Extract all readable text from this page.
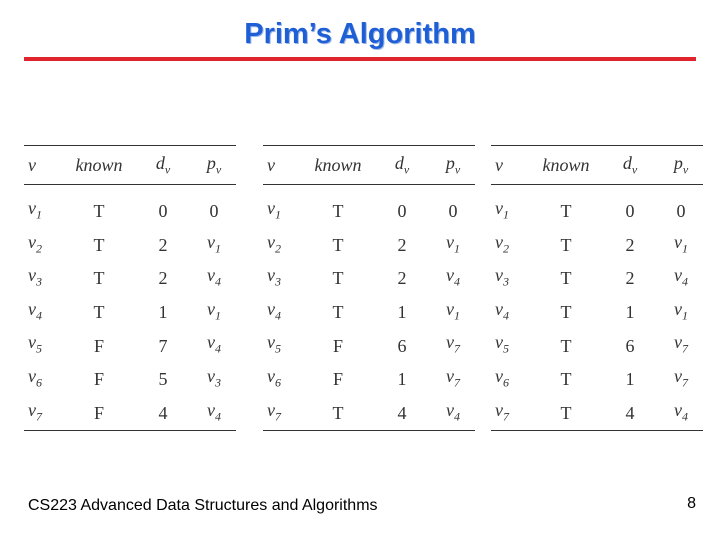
Prim’s Algorithm
v	known	$d_v$	$p_v$
$v_1$	T	0	0
$v_2$	T	2	$v_1$
$v_3$	T	2	$v_4$
$v_4$	T	1	$v_1$
$v_5$	F	7	$v_4$
$v_6$	F	5	$v_3$
$v_7$	F	4	$v_4$
v	known	$d_v$	$p_v$
$v_1$	T	0	0
$v_2$	T	2	$v_1$
$v_3$	T	2	$v_4$
$v_4$	T	1	$v_1$
$v_5$	F	6	$v_7$
$v_6$	F	1	$v_7$
$v_7$	T	4	$v_4$
v	known	$d_v$	$p_v$
$v_1$	T	0	0
$v_2$	T	2	$v_1$
$v_3$	T	2	$v_4$
$v_4$	T	1	$v_1$
$v_5$	T	6	$v_7$
$v_6$	T	1	$v_7$
$v_7$	T	4	$v_4$
CS223 Advanced Data Structures and Algorithms	8
